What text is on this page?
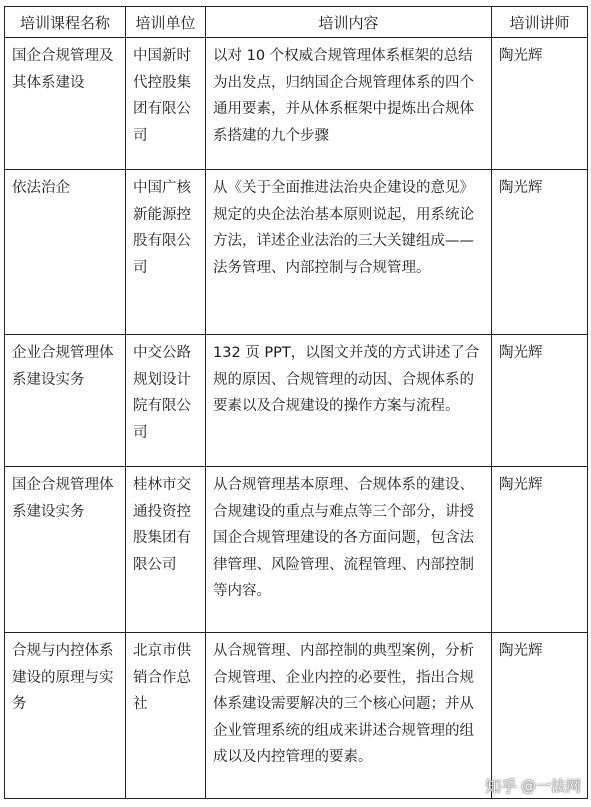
培训课程名称	培训单位	培训内容	培训讲师

国企合规管理及其体系建设	中国新时代控股集团有限公司	以对 10 个权威合规管理体系框架的总结为出发点，归纳国企合规管理体系的四个通用要素，并从体系框架中提炼出合规体系搭建的九个步骤	陶光辉

依法治企	中国广核新能源控股有限公司	从《关于全面推进法治央企建设的意见》规定的央企法治基本原则说起，用系统论方法，详述企业法治的三大关键组成——法务管理、内部控制与合规管理。	陶光辉

企业合规管理体系建设实务	中交公路规划设计院有限公司	132 页 PPT，以图文并茂的方式讲述了合规的原因、合规管理的动因、合规体系的要素以及合规建设的操作方案与流程。	陶光辉

国企合规管理体系建设实务	桂林市交通投资控股集团有限公司	从合规管理基本原理、合规体系的建设、合规建设的重点与难点等三个部分，讲授国企合规管理建设的各方面问题，包含法律管理、风险管理、流程管理、内部控制等内容。	陶光辉

合规与内控体系建设的原理与实务	北京市供销合作总社	从合规管理、内部控制的典型案例，分析合规管理、企业内控的必要性，指出合规体系建设需要解决的三个核心问题；并从企业管理系统的组成来讲述合规管理的组成以及内控管理的要素。	陶光辉
知乎 @一法网
